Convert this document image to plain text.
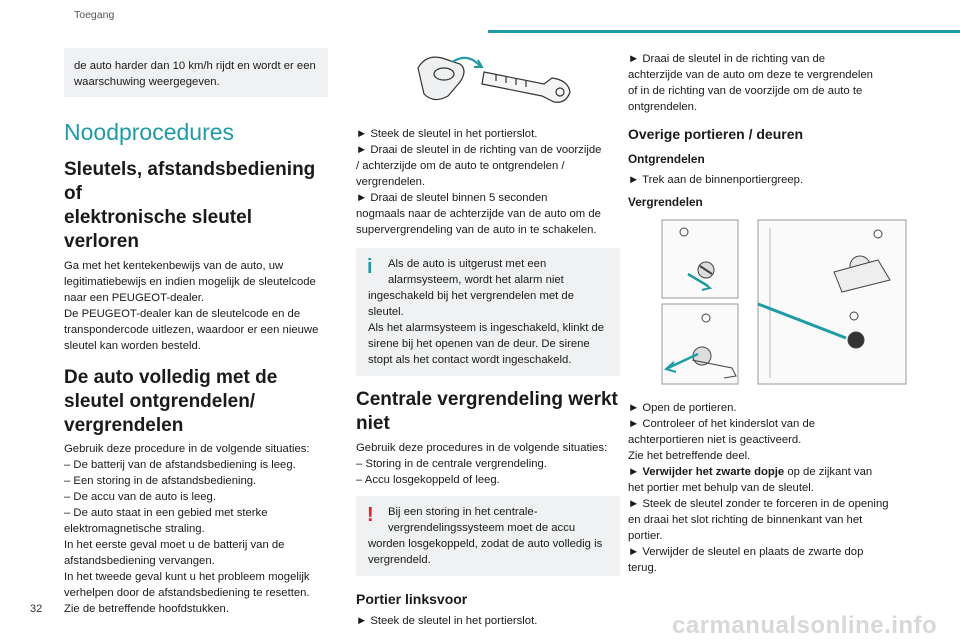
Toegang
de auto harder dan 10 km/h rijdt en wordt er een waarschuwing weergegeven.
Noodprocedures
Sleutels, afstandsbediening of
elektronische sleutel verloren
Ga met het kentekenbewijs van de auto, uw
legitimatiebewijs en indien mogelijk de sleutelcode
naar een PEUGEOT-dealer.
De PEUGEOT-dealer kan de sleutelcode en de
transpondercode uitlezen, waardoor er een nieuwe
sleutel kan worden besteld.
De auto volledig met de
sleutel ontgrendelen/
vergrendelen
Gebruik deze procedure in de volgende situaties:
– De batterij van de afstandsbediening is leeg.
– Een storing in de afstandsbediening.
– De accu van de auto is leeg.
– De auto staat in een gebied met sterke
elektromagnetische straling.
In het eerste geval moet u de batterij van de
afstandsbediening vervangen.
In het tweede geval kunt u het probleem mogelijk
verhelpen door de afstandsbediening te resetten.
Zie de betreffende hoofdstukken.
► Steek de sleutel in het portierslot.
► Draai de sleutel in de richting van de voorzijde
/ achterzijde om de auto te ontgrendelen /
vergrendelen.
► Draai de sleutel binnen 5 seconden
nogmaals naar de achterzijde van de auto om de
supervergrendeling van de auto in te schakelen.
i	Als de auto is uitgerust met een
alarmsysteem, wordt het alarm niet
ingeschakeld bij het vergrendelen met de sleutel.
Als het alarmsysteem is ingeschakeld, klinkt de
sirene bij het openen van de deur. De sirene
stopt als het contact wordt ingeschakeld.
Centrale vergrendeling werkt
niet
Gebruik deze procedures in de volgende situaties:
– Storing in de centrale vergrendeling.
– Accu losgekoppeld of leeg.
!	Bij een storing in het centrale-
vergrendelingssysteem moet de accu
worden losgekoppeld, zodat de auto volledig is
vergrendeld.
Portier linksvoor
► Steek de sleutel in het portierslot.
► Draai de sleutel in de richting van de
achterzijde van de auto om deze te vergrendelen
of in de richting van de voorzijde om de auto te
ontgrendelen.
Overige portieren / deuren
Ontgrendelen
► Trek aan de binnenportiergreep.
Vergrendelen
► Open de portieren.
► Controleer of het kinderslot van de
achterportieren niet is geactiveerd.
Zie het betreffende deel.
► Verwijder het zwarte dopje op de zijkant van
het portier met behulp van de sleutel.
► Steek de sleutel zonder te forceren in de opening
en draai het slot richting de binnenkant van het
portier.
► Verwijder de sleutel en plaats de zwarte dop
terug.
32
carmanualsonline.info
